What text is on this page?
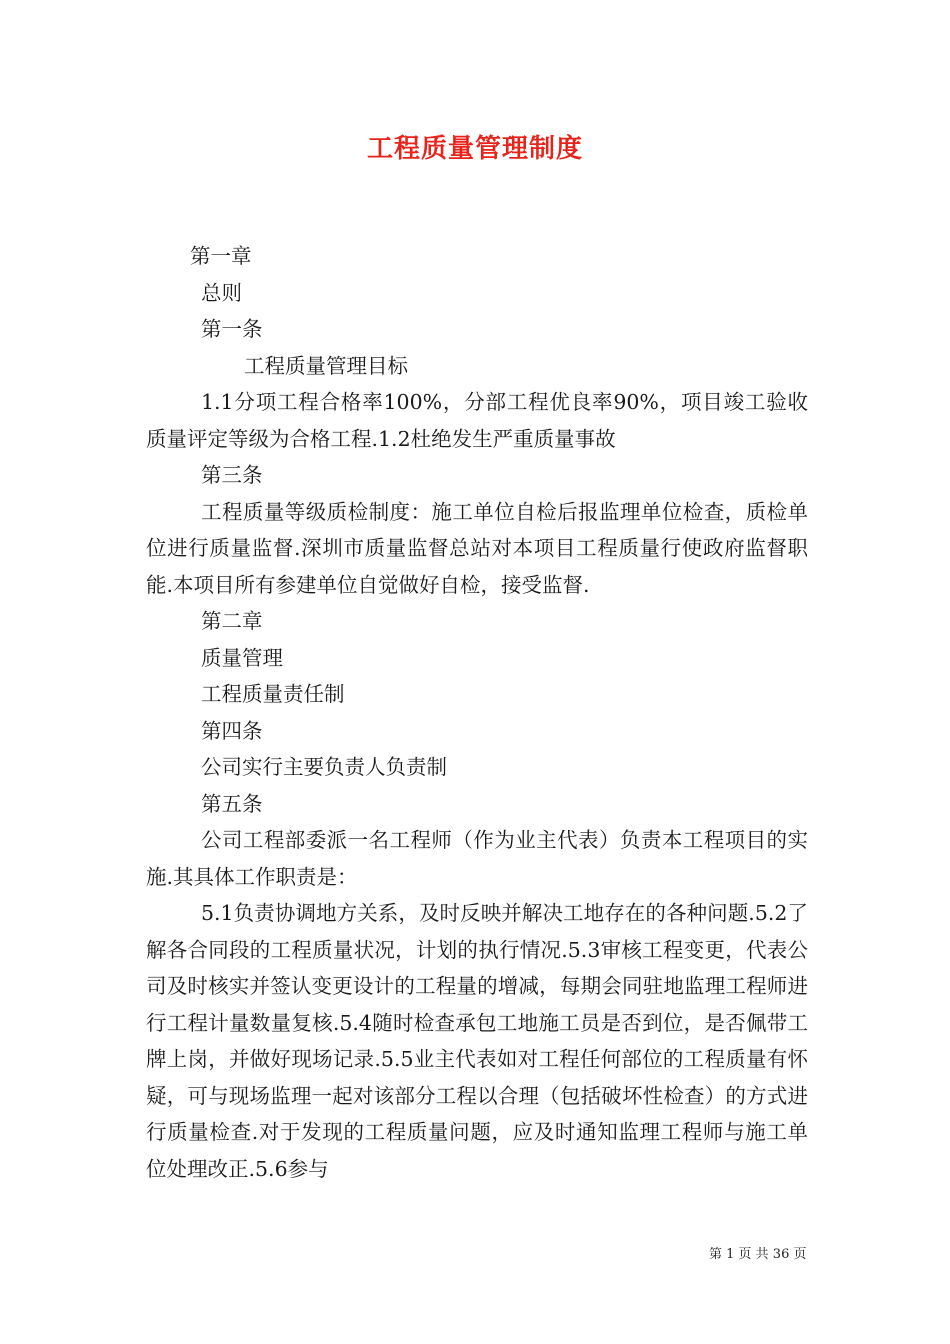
工程质量管理制度
第一章
总则
第一条
工程质量管理目标
1.1分项工程合格率100%，分部工程优良率90%，项目竣工验收质量评定等级为合格工程.1.2杜绝发生严重质量事故
第三条
工程质量等级质检制度：施工单位自检后报监理单位检查，质检单位进行质量监督.深圳市质量监督总站对本项目工程质量行使政府监督职能.本项目所有参建单位自觉做好自检，接受监督.
第二章
质量管理
工程质量责任制
第四条
公司实行主要负责人负责制
第五条
公司工程部委派一名工程师（作为业主代表）负责本工程项目的实施.其具体工作职责是：
5.1负责协调地方关系，及时反映并解决工地存在的各种问题.5.2了解各合同段的工程质量状况，计划的执行情况.5.3审核工程变更，代表公司及时核实并签认变更设计的工程量的增减，每期会同驻地监理工程师进行工程计量数量复核.5.4随时检查承包工地施工员是否到位，是否佩带工牌上岗，并做好现场记录.5.5业主代表如对工程任何部位的工程质量有怀疑，可与现场监理一起对该部分工程以合理（包括破坏性检查）的方式进行质量检查.对于发现的工程质量问题，应及时通知监理工程师与施工单位处理改正.5.6参与
第 1 页 共 36 页
